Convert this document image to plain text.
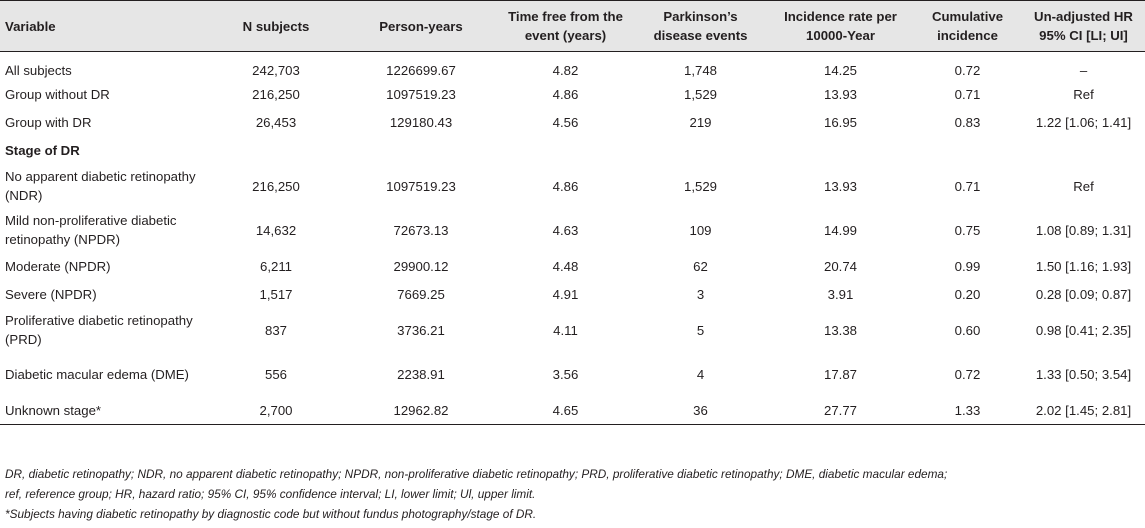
Variable	N subjects	Person-years	Time free from the event (years)	Parkinson’s disease events	Incidence rate per 10000-Year	Cumulative incidence	Un-adjusted HR 95% CI [LI; UI]
All subjects	242,703	1226699.67	4.82	1,748	14.25	0.72	–
Group without DR	216,250	1097519.23	4.86	1,529	13.93	0.71	Ref
Group with DR	26,453	129180.43	4.56	219	16.95	0.83	1.22 [1.06; 1.41]
Stage of DR							
No apparent diabetic retinopathy (NDR)	216,250	1097519.23	4.86	1,529	13.93	0.71	Ref
Mild non-proliferative diabetic retinopathy (NPDR)	14,632	72673.13	4.63	109	14.99	0.75	1.08 [0.89; 1.31]
Moderate (NPDR)	6,211	29900.12	4.48	62	20.74	0.99	1.50 [1.16; 1.93]
Severe (NPDR)	1,517	7669.25	4.91	3	3.91	0.20	0.28 [0.09; 0.87]
Proliferative diabetic retinopathy (PRD)	837	3736.21	4.11	5	13.38	0.60	0.98 [0.41; 2.35]
Diabetic macular edema (DME)	556	2238.91	3.56	4	17.87	0.72	1.33 [0.50; 3.54]
Unknown stage*	2,700	12962.82	4.65	36	27.77	1.33	2.02 [1.45; 2.81]

DR, diabetic retinopathy; NDR, no apparent diabetic retinopathy; NPDR, non-proliferative diabetic retinopathy; PRD, proliferative diabetic retinopathy; DME, diabetic macular edema;

ref, reference group; HR, hazard ratio; 95% CI, 95% confidence interval; LI, lower limit; Ul, upper limit.

*Subjects having diabetic retinopathy by diagnostic code but without fundus photography/stage of DR.
